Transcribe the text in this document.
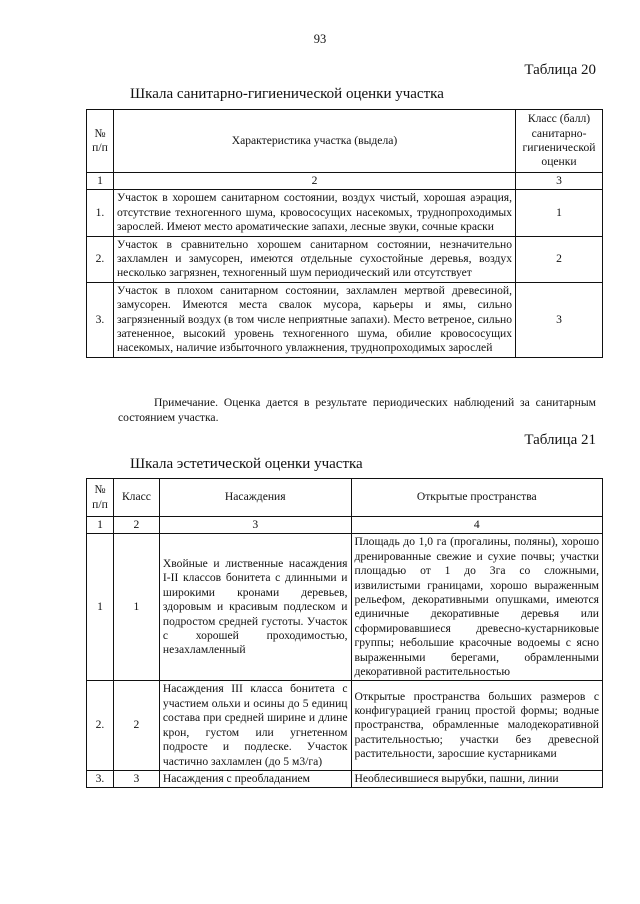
93
Таблица 20
Шкала санитарно-гигиенической оценки участка
№ п/п	Характеристика участка (выдела)	Класс (балл) санитарно-гигиенической оценки
1	2	3
1.	Участок в хорошем санитарном состоянии, воздух чистый, хорошая аэрация, отсутствие техногенного шума, кровососущих насекомых, труднопроходимых зарослей. Имеют место ароматические запахи, лесные звуки, сочные краски	1
2.	Участок в сравнительно хорошем санитарном состоянии, незначительно захламлен и замусорен, имеются отдельные сухостойные деревья, воздух несколько загрязнен, техногенный шум периодический или отсутствует	2
3.	Участок в плохом санитарном состоянии, захламлен мертвой древесиной, замусорен. Имеются места свалок мусора, карьеры и ямы, сильно загрязненный воздух (в том числе неприятные запахи). Место ветреное, сильно затененное, высокий уровень техногенного шума, обилие кровососущих насекомых, наличие избыточного увлажнения, труднопроходимых зарослей	3
Примечание. Оценка дается в результате периодических наблюдений за санитарным состоянием участка.
Таблица 21
Шкала эстетической оценки участка
№ п/п	Класс	Насаждения	Открытые пространства
1	2	3	4
1	1	Хвойные и лиственные насаждения I-II классов бонитета с длинными и широкими кронами деревьев, здоровым и красивым подлеском и подростом средней густоты. Участок с хорошей проходимостью, незахламленный	Площадь до 1,0 га (прогалины, поляны), хорошо дренированные свежие и сухие почвы; участки площадью от 1 до 3га со сложными, извилистыми границами, хорошо выраженным рельефом, декоративными опушками, имеются единичные декоративные деревья или сформировавшиеся древесно-кустарниковые группы; небольшие красочные водоемы с ясно выраженными берегами, обрамленными декоративной растительностью
2.	2	Насаждения III класса бонитета с участием ольхи и осины до 5 единиц состава при средней ширине и длине крон, густом или угнетенном подросте и подлеске. Участок частично захламлен (до 5 м3/га)	Открытые пространства больших размеров с конфигурацией границ простой формы; водные пространства, обрамленные малодекоративной растительностью; участки без древесной растительности, заросшие кустарниками
3.	3	Насаждения с преобладанием	Необлесившиеся вырубки, пашни, линии
